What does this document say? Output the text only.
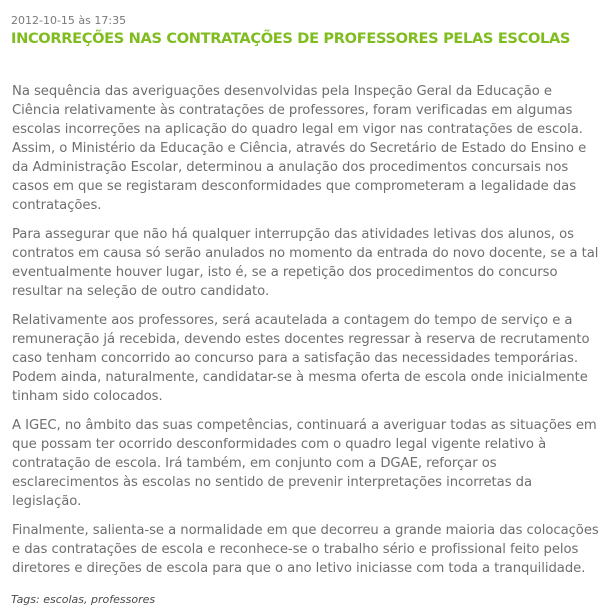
2012-10-15 às 17:35
INCORREÇÕES NAS CONTRATAÇÕES DE PROFESSORES PELAS ESCOLAS

Na sequência das averiguações desenvolvidas pela Inspeção Geral da Educação e Ciência relativamente às contratações de professores, foram verificadas em algumas escolas incorreções na aplicação do quadro legal em vigor nas contratações de escola. Assim, o Ministério da Educação e Ciência, através do Secretário de Estado do Ensino e da Administração Escolar, determinou a anulação dos procedimentos concursais nos casos em que se registaram desconformidades que comprometeram a legalidade das contratações.

Para assegurar que não há qualquer interrupção das atividades letivas dos alunos, os contratos em causa só serão anulados no momento da entrada do novo docente, se a tal eventualmente houver lugar, isto é, se a repetição dos procedimentos do concurso resultar na seleção de outro candidato.

Relativamente aos professores, será acautelada a contagem do tempo de serviço e a remuneração já recebida, devendo estes docentes regressar à reserva de recrutamento caso tenham concorrido ao concurso para a satisfação das necessidades temporárias. Podem ainda, naturalmente, candidatar-se à mesma oferta de escola onde inicialmente tinham sido colocados.

A IGEC, no âmbito das suas competências, continuará a averiguar todas as situações em que possam ter ocorrido desconformidades com o quadro legal vigente relativo à contratação de escola. Irá também, em conjunto com a DGAE, reforçar os esclarecimentos às escolas no sentido de prevenir interpretações incorretas da legislação.

Finalmente, salienta-se a normalidade em que decorreu a grande maioria das colocações e das contratações de escola e reconhece-se o trabalho sério e profissional feito pelos diretores e direções de escola para que o ano letivo iniciasse com toda a tranquilidade.

Tags: escolas, professores
